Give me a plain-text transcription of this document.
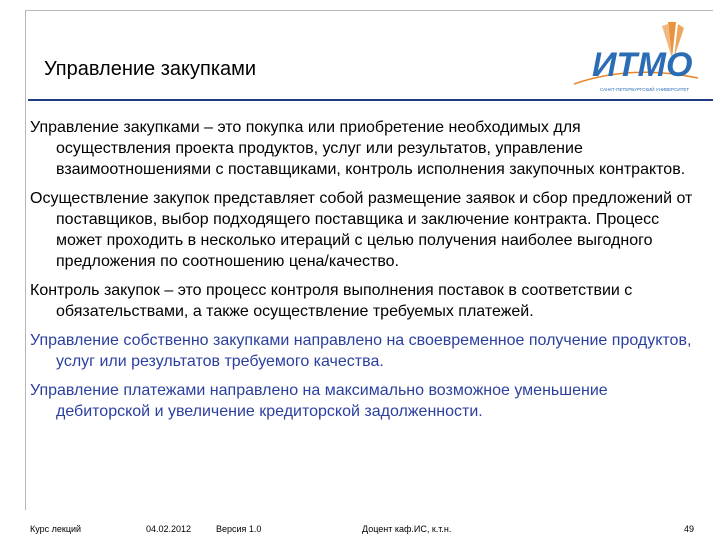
Управление закупками	ИТМО
САНКТ-ПЕТЕРБУРГСКИЙ УНИВЕРСИТЕТ

Управление закупками – это покупка или приобретение необходимых для осуществления проекта продуктов, услуг или результатов, управление взаимоотношениями с поставщиками, контроль исполнения закупочных контрактов.

Осуществление закупок представляет собой размещение заявок и сбор предложений от поставщиков, выбор подходящего поставщика и заключение контракта. Процесс может проходить в несколько итераций с целью получения наиболее выгодного предложения по соотношению цена/качество.

Контроль закупок – это процесс контроля выполнения поставок в соответствии с обязательствами, а также осуществление требуемых платежей.

Управление собственно закупками направлено на своевременное получение продуктов, услуг или результатов требуемого качества.

Управление платежами направлено на максимально возможное уменьшение дебиторской и увеличение кредиторской задолженности.

Курс лекций	04.02.2012	Версия 1.0	Доцент каф.ИС, к.т.н.	49
